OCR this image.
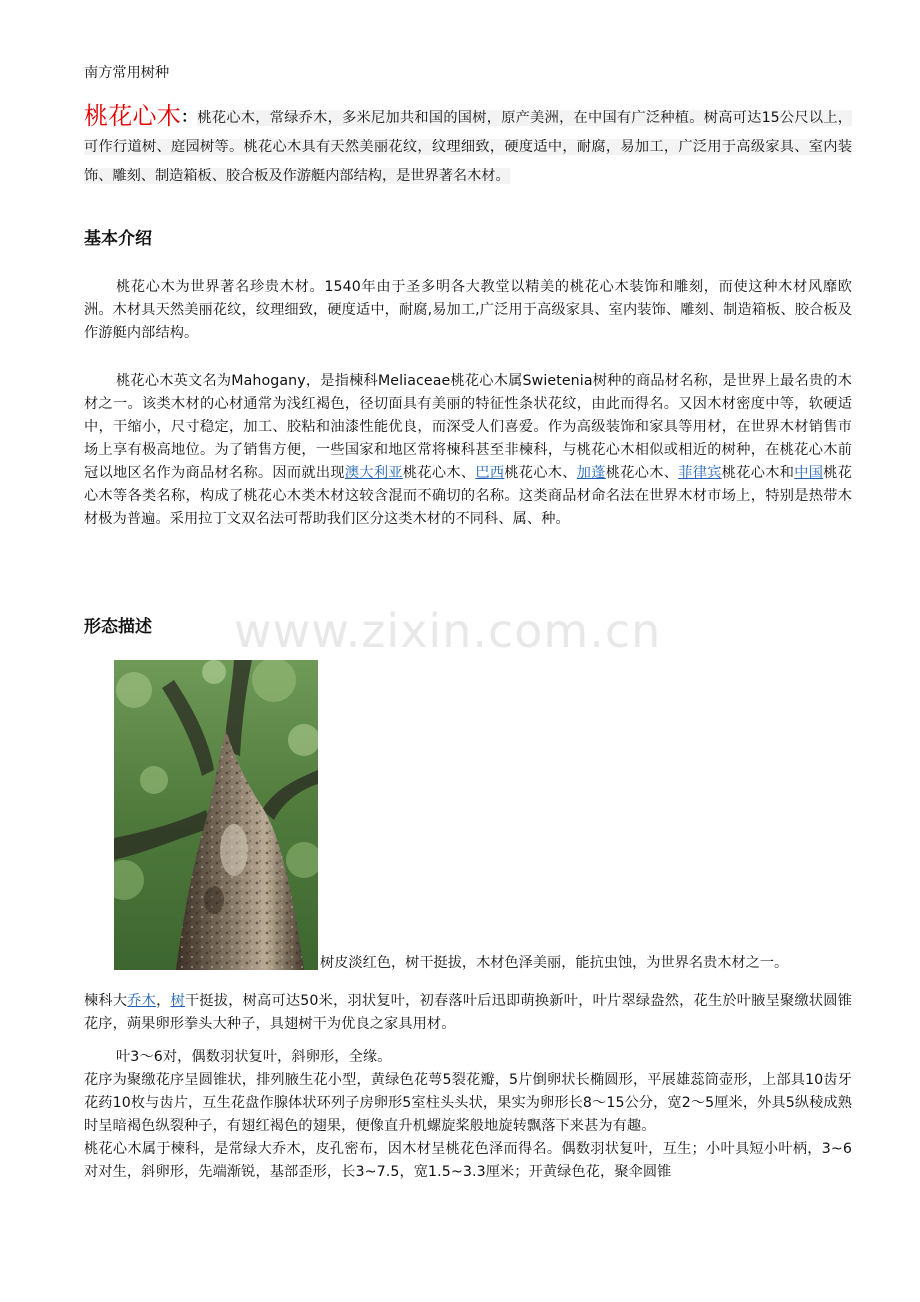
南方常用树种
桃花心木：桃花心木，常绿乔木，多米尼加共和国的国树，原产美洲，在中国有广泛种植。树高可达15公尺以上，可作行道树、庭园树等。桃花心木具有天然美丽花纹，纹理细致，硬度适中，耐腐，易加工，广泛用于高级家具、室内装饰、雕刻、制造箱板、胶合板及作游艇内部结构，是世界著名木材。
基本介绍

桃花心木为世界著名珍贵木材。1540年由于圣多明各大教堂以精美的桃花心木装饰和雕刻，而使这种木材风靡欧洲。木材具天然美丽花纹，纹理细致，硬度适中，耐腐,易加工,广泛用于高级家具、室内装饰、雕刻、制造箱板、胶合板及作游艇内部结构。

桃花心木英文名为Mahogany，是指楝科Meliaceae桃花心木属Swietenia树种的商品材名称，是世界上最名贵的木材之一。该类木材的心材通常为浅红褐色，径切面具有美丽的特征性条状花纹，由此而得名。又因木材密度中等，软硬适中，干缩小，尺寸稳定，加工、胶粘和油漆性能优良，而深受人们喜爱。作为高级装饰和家具等用材，在世界木材销售市场上享有极高地位。为了销售方便，一些国家和地区常将楝科甚至非楝科，与桃花心木相似或相近的树种，在桃花心木前冠以地区名作为商品材名称。因而就出现澳大利亚桃花心木、巴西桃花心木、加蓬桃花心木、菲律宾桃花心木和中国桃花心木等各类名称，构成了桃花心木类木材这较含混而不确切的名称。这类商品材命名法在世界木材市场上，特别是热带木材极为普遍。采用拉丁文双名法可帮助我们区分这类木材的不同科、属、种。

形态描述
树皮淡红色，树干挺拔，木材色泽美丽，能抗虫蚀，为世界名贵木材之一。

楝科大乔木，树干挺拔，树高可达50米，羽状复叶，初春落叶后迅即萌换新叶，叶片翠绿盎然，花生於叶腋呈聚缴状圆锥花序，蒴果卵形拳头大种子，具翅树干为优良之家具用材。

叶3～6对，偶数羽状复叶，斜卵形，全缘。

花序为聚缴花序呈圆锥状，排列腋生花小型，黄绿色花萼5裂花瓣，5片倒卵状长椭圆形，平展雄蕊筒壶形，上部具10齿牙花药10枚与齿片，互生花盘作腺体状环列子房卵形5室柱头头状，果实为卵形长8～15公分，宽2～5厘米，外具5纵稜成熟时呈暗褐色纵裂种子，有翅红褐色的翅果，便像直升机螺旋桨般地旋转飘落下来甚为有趣。

桃花心木属于楝科，是常绿大乔木，皮孔密布，因木材呈桃花色泽而得名。偶数羽状复叶，互生；小叶具短小叶柄，3~6对对生，斜卵形，先端渐锐，基部歪形，长3~7.5，宽1.5~3.3厘米；开黄绿色花，聚伞圆锥

www.zixin.com.cn
